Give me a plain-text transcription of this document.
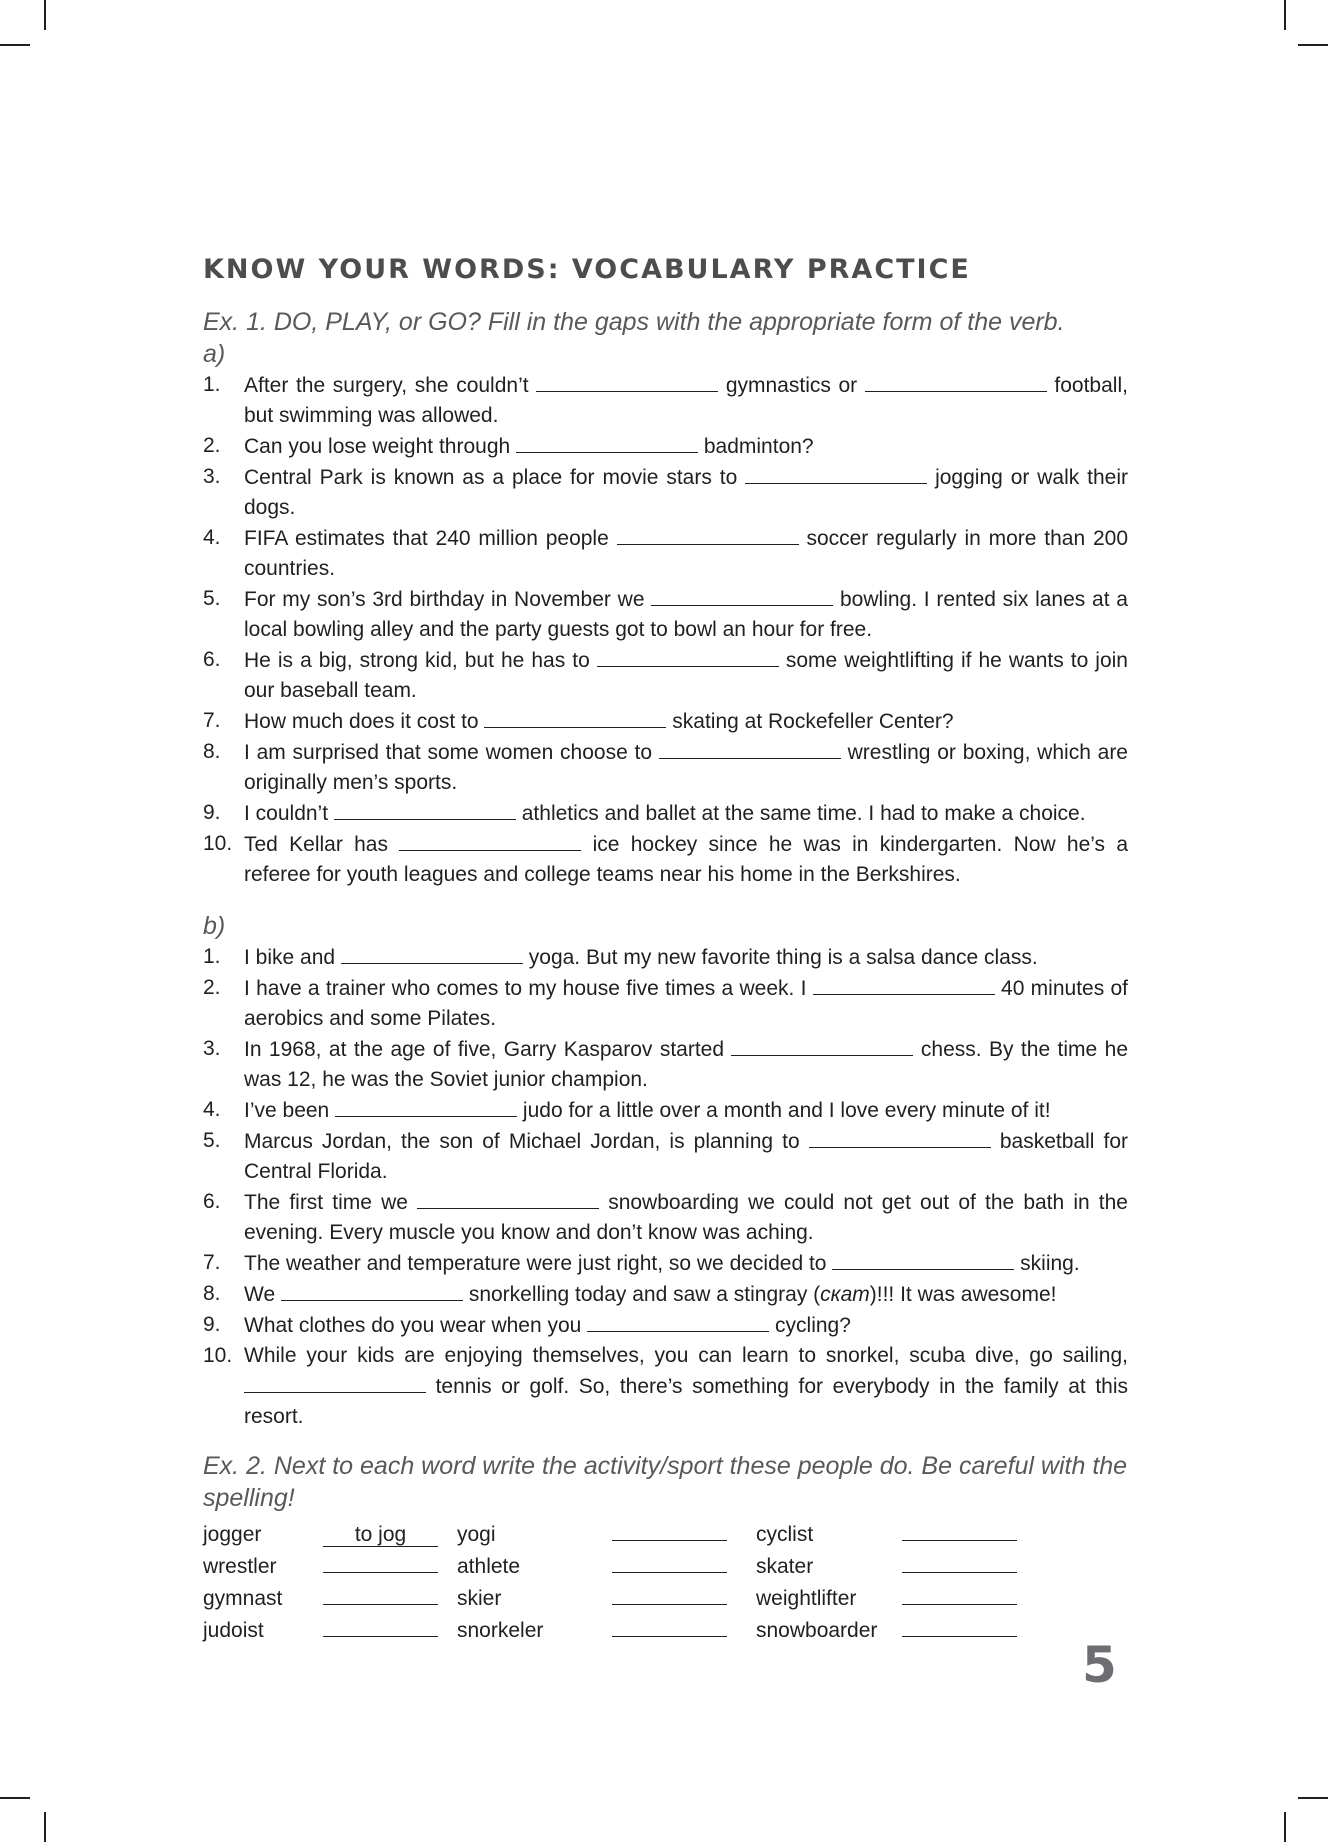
KNOW YOUR WORDS: VOCABULARY PRACTICE

Ex. 1. DO, PLAY, or GO? Fill in the gaps with the appropriate form of the verb.

a)

1. After the surgery, she couldn’t	gymnastics or	football, but swimming was allowed.
2. Can you lose weight through	badminton?
3. Central Park is known as a place for movie stars to	jogging or walk their dogs.
4. FIFA estimates that 240 million people	soccer regularly in more than 200 countries.
5. For my son’s 3rd birthday in November we	bowling. I rented six lanes at a local bowling alley and the party guests got to bowl an hour for free.
6. He is a big, strong kid, but he has to	some weightlifting if he wants to join our baseball team.
7. How much does it cost to	skating at Rockefeller Center?
8. I am surprised that some women choose to	wrestling or boxing, which are originally men’s sports.
9. I couldn’t	athletics and ballet at the same time. I had to make a choice.
10. Ted Kellar has	ice hockey since he was in kindergarten. Now he’s a referee for youth leagues and college teams near his home in the Berkshires.

b)

1. I bike and	yoga. But my new favorite thing is a salsa dance class.
2. I have a trainer who comes to my house five times a week. I	40 minutes of aerobics and some Pilates.
3. In 1968, at the age of five, Garry Kasparov started	chess. By the time he was 12, he was the Soviet junior champion.
4. I’ve been	judo for a little over a month and I love every minute of it!
5. Marcus Jordan, the son of Michael Jordan, is planning to	basketball for Central Florida.
6. The first time we	snowboarding we could not get out of the bath in the evening. Every muscle you know and don’t know was aching.
7. The weather and temperature were just right, so we decided to	skiing.
8. We	snorkelling today and saw a stingray (скат)!!! It was awesome!
9. What clothes do you wear when you	cycling?
10. While your kids are enjoying themselves, you can learn to snorkel, scuba dive, go sailing,  tennis or golf. So, there’s something for everybody in the family at this resort.

Ex. 2. Next to each word write the activity/sport these people do. Be careful with the spelling!

jogger	to jog	yogi		cyclist	
wrestler		athlete		skater	
gymnast		skier		weightlifter	
judoist		snorkeler		snowboarder	
5
